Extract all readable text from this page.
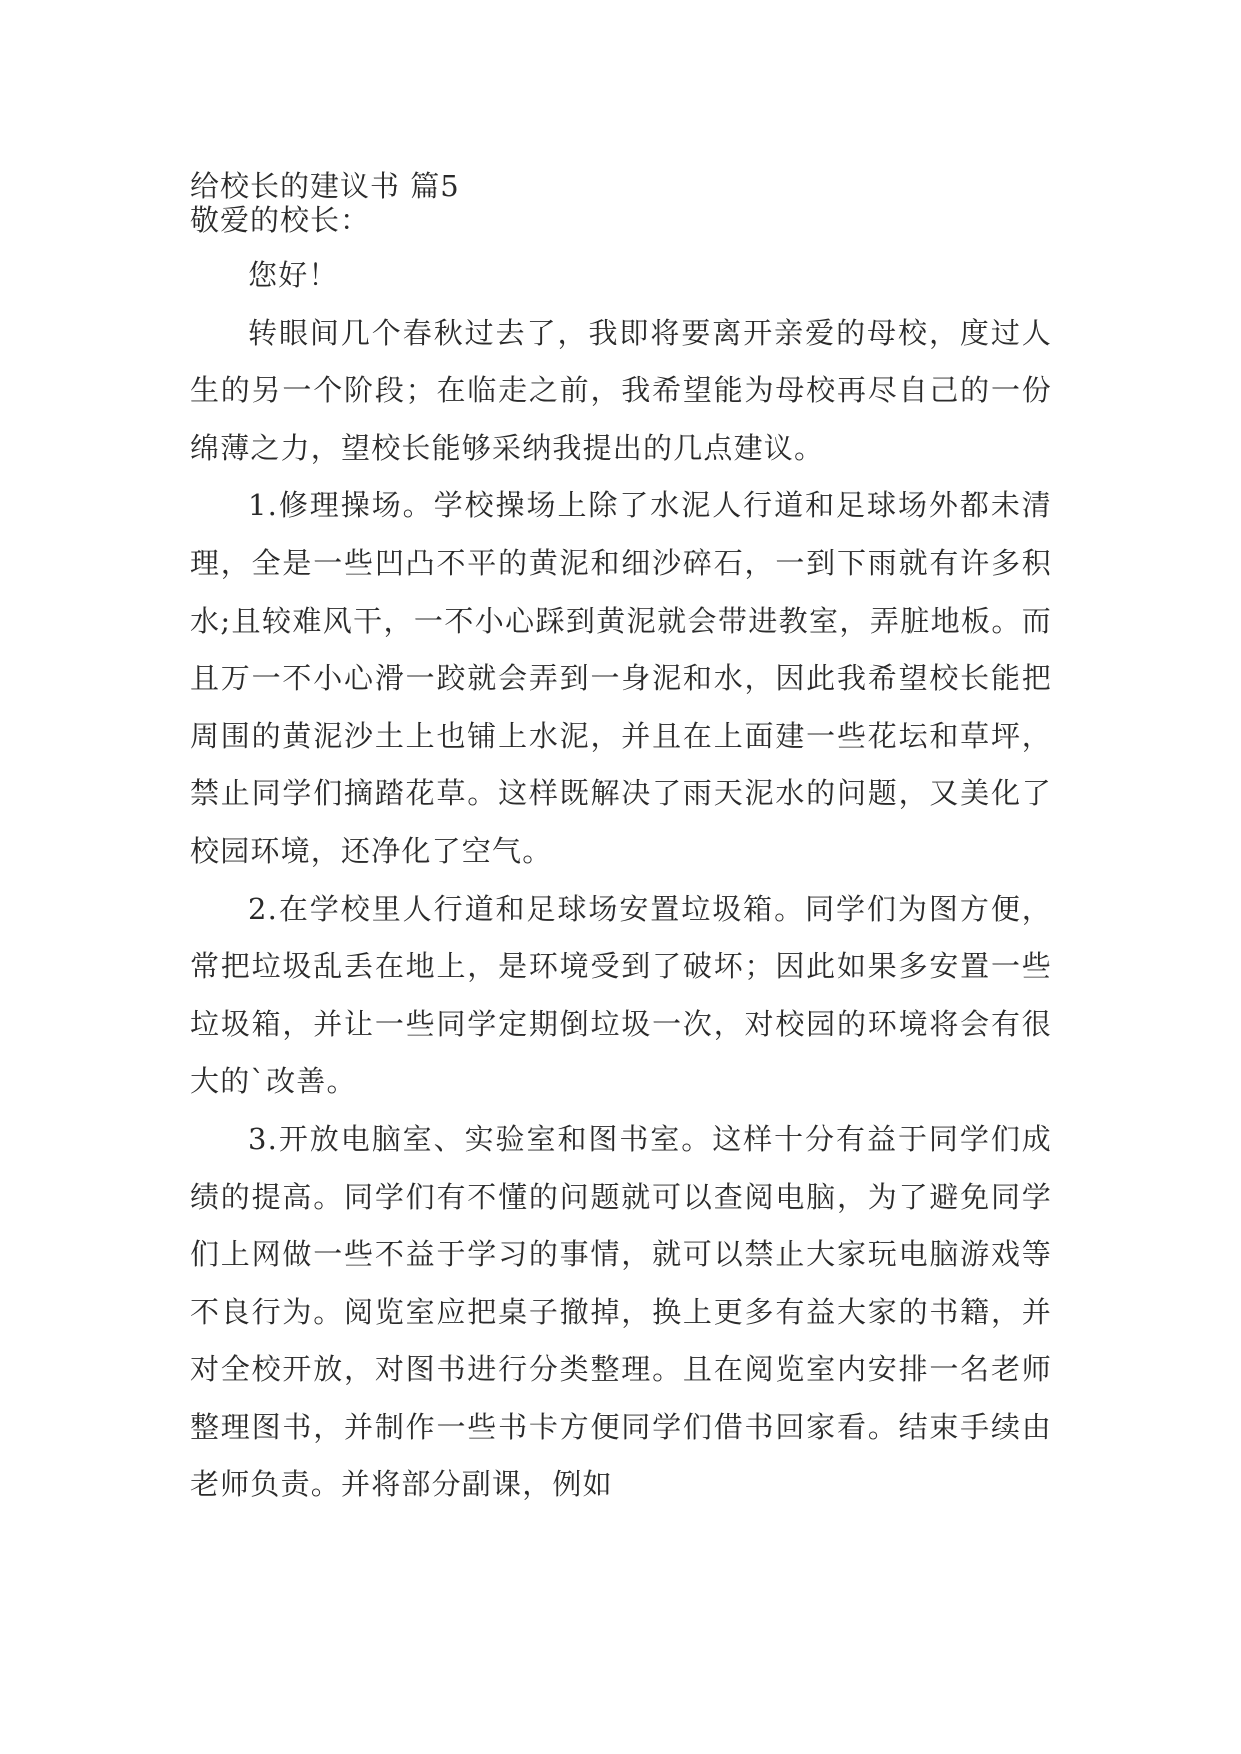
给校长的建议书 篇5
敬爱的校长：

您好！

转眼间几个春秋过去了，我即将要离开亲爱的母校，度过人生的另一个阶段；在临走之前，我希望能为母校再尽自己的一份绵薄之力，望校长能够采纳我提出的几点建议。

1.修理操场。学校操场上除了水泥人行道和足球场外都未清理，全是一些凹凸不平的黄泥和细沙碎石，一到下雨就有许多积水;且较难风干，一不小心踩到黄泥就会带进教室，弄脏地板。而且万一不小心滑一跤就会弄到一身泥和水，因此我希望校长能把周围的黄泥沙土上也铺上水泥，并且在上面建一些花坛和草坪，禁止同学们摘踏花草。这样既解决了雨天泥水的问题，又美化了校园环境，还净化了空气。

2.在学校里人行道和足球场安置垃圾箱。同学们为图方便，常把垃圾乱丢在地上，是环境受到了破坏；因此如果多安置一些垃圾箱，并让一些同学定期倒垃圾一次，对校园的环境将会有很大的`改善。

3.开放电脑室、实验室和图书室。这样十分有益于同学们成绩的提高。同学们有不懂的问题就可以查阅电脑，为了避免同学们上网做一些不益于学习的事情，就可以禁止大家玩电脑游戏等不良行为。阅览室应把桌子撤掉，换上更多有益大家的书籍，并对全校开放，对图书进行分类整理。且在阅览室内安排一名老师整理图书，并制作一些书卡方便同学们借书回家看。结束手续由老师负责。并将部分副课，例如
